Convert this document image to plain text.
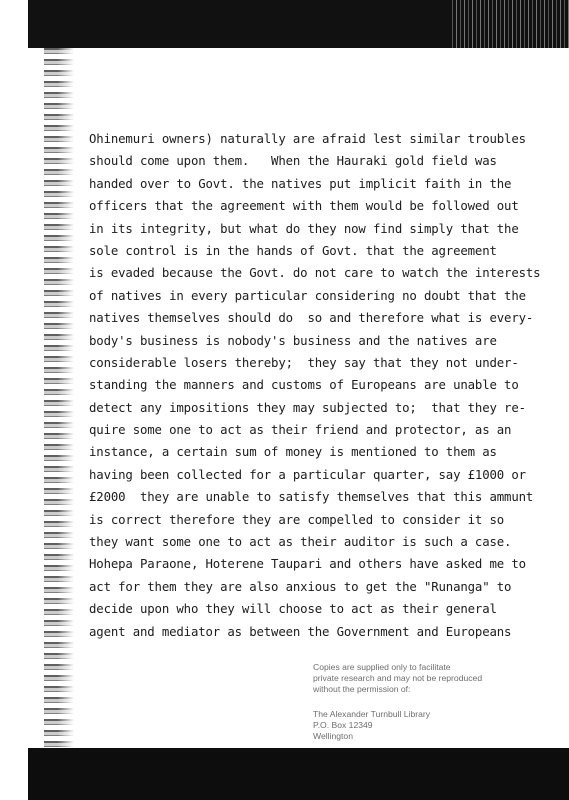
Ohinemuri owners) naturally are afraid lest similar troubles
should come upon them.   When the Hauraki gold field was
handed over to Govt. the natives put implicit faith in the
officers that the agreement with them would be followed out
in its integrity, but what do they now find simply that the
sole control is in the hands of Govt. that the agreement
is evaded because the Govt. do not care to watch the interests
of natives in every particular considering no doubt that the
natives themselves should do  so and therefore what is every-
body's business is nobody's business and the natives are
considerable losers thereby;  they say that they not under-
standing the manners and customs of Europeans are unable to
detect any impositions they may subjected to;  that they re-
quire some one to act as their friend and protector, as an
instance, a certain sum of money is mentioned to them as
having been collected for a particular quarter, say £1000 or
£2000  they are unable to satisfy themselves that this ammunt
is correct therefore they are compelled to consider it so
they want some one to act as their auditor is such a case.
Hohepa Paraone, Hoterene Taupari and others have asked me to
act for them they are also anxious to get the "Runanga" to
decide upon who they will choose to act as their general
agent and mediator as between the Government and Europeans
Copies are supplied only to facilitate
private research and may not be reproduced
without the permission of:
The Alexander Turnbull Library
P.O. Box 12349
Wellington
